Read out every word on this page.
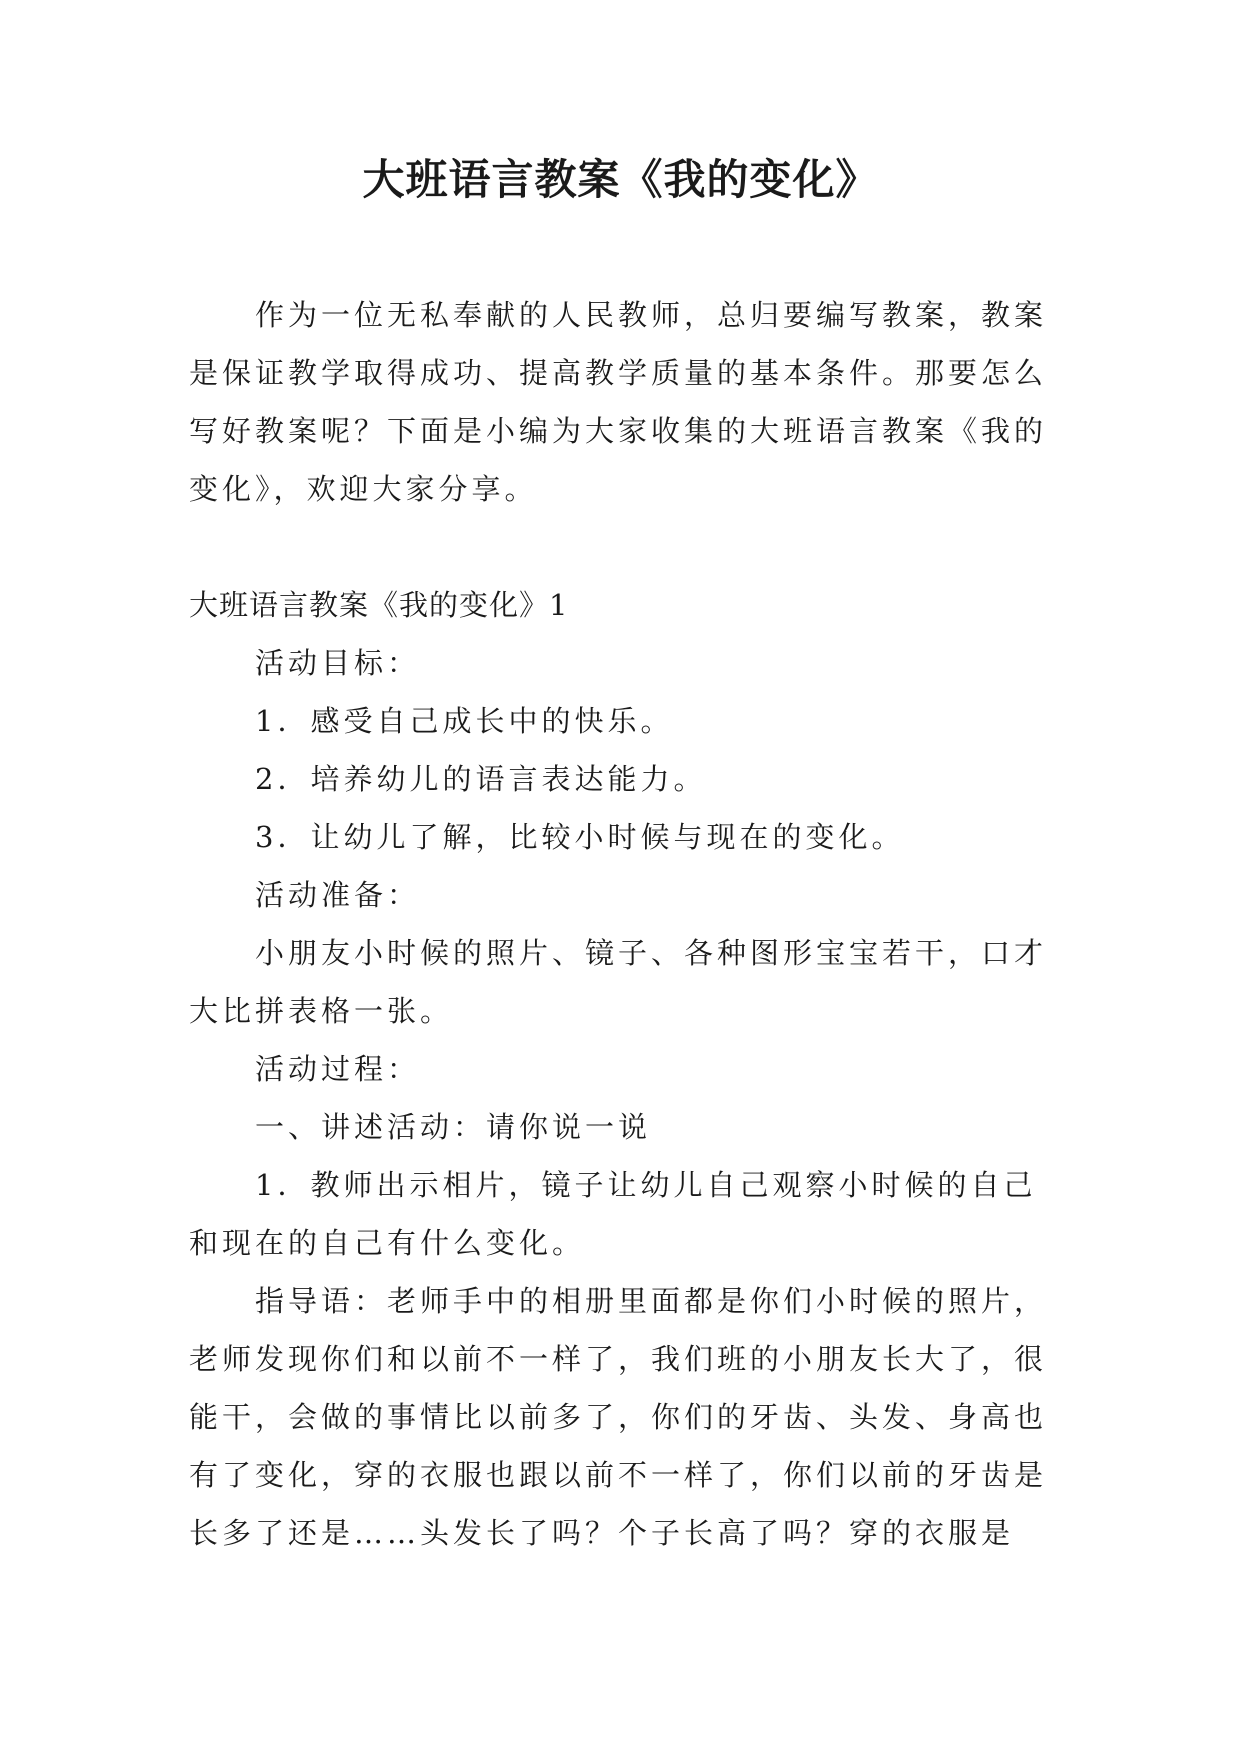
大班语言教案《我的变化》

作为一位无私奉献的人民教师，总归要编写教案，教案是保证教学取得成功、提高教学质量的基本条件。那要怎么写好教案呢？下面是小编为大家收集的大班语言教案《我的变化》，欢迎大家分享。

大班语言教案《我的变化》1

活动目标：

1．感受自己成长中的快乐。

2．培养幼儿的语言表达能力。

3．让幼儿了解，比较小时候与现在的变化。

活动准备：

小朋友小时候的照片、镜子、各种图形宝宝若干，口才大比拼表格一张。

活动过程：

一、讲述活动：请你说一说

1．教师出示相片，镜子让幼儿自己观察小时候的自己和现在的自己有什么变化。

指导语：老师手中的相册里面都是你们小时候的照片，老师发现你们和以前不一样了，我们班的小朋友长大了，很能干，会做的事情比以前多了，你们的牙齿、头发、身高也有了变化，穿的衣服也跟以前不一样了，你们以前的牙齿是长多了还是……头发长了吗？个子长高了吗？穿的衣服是
